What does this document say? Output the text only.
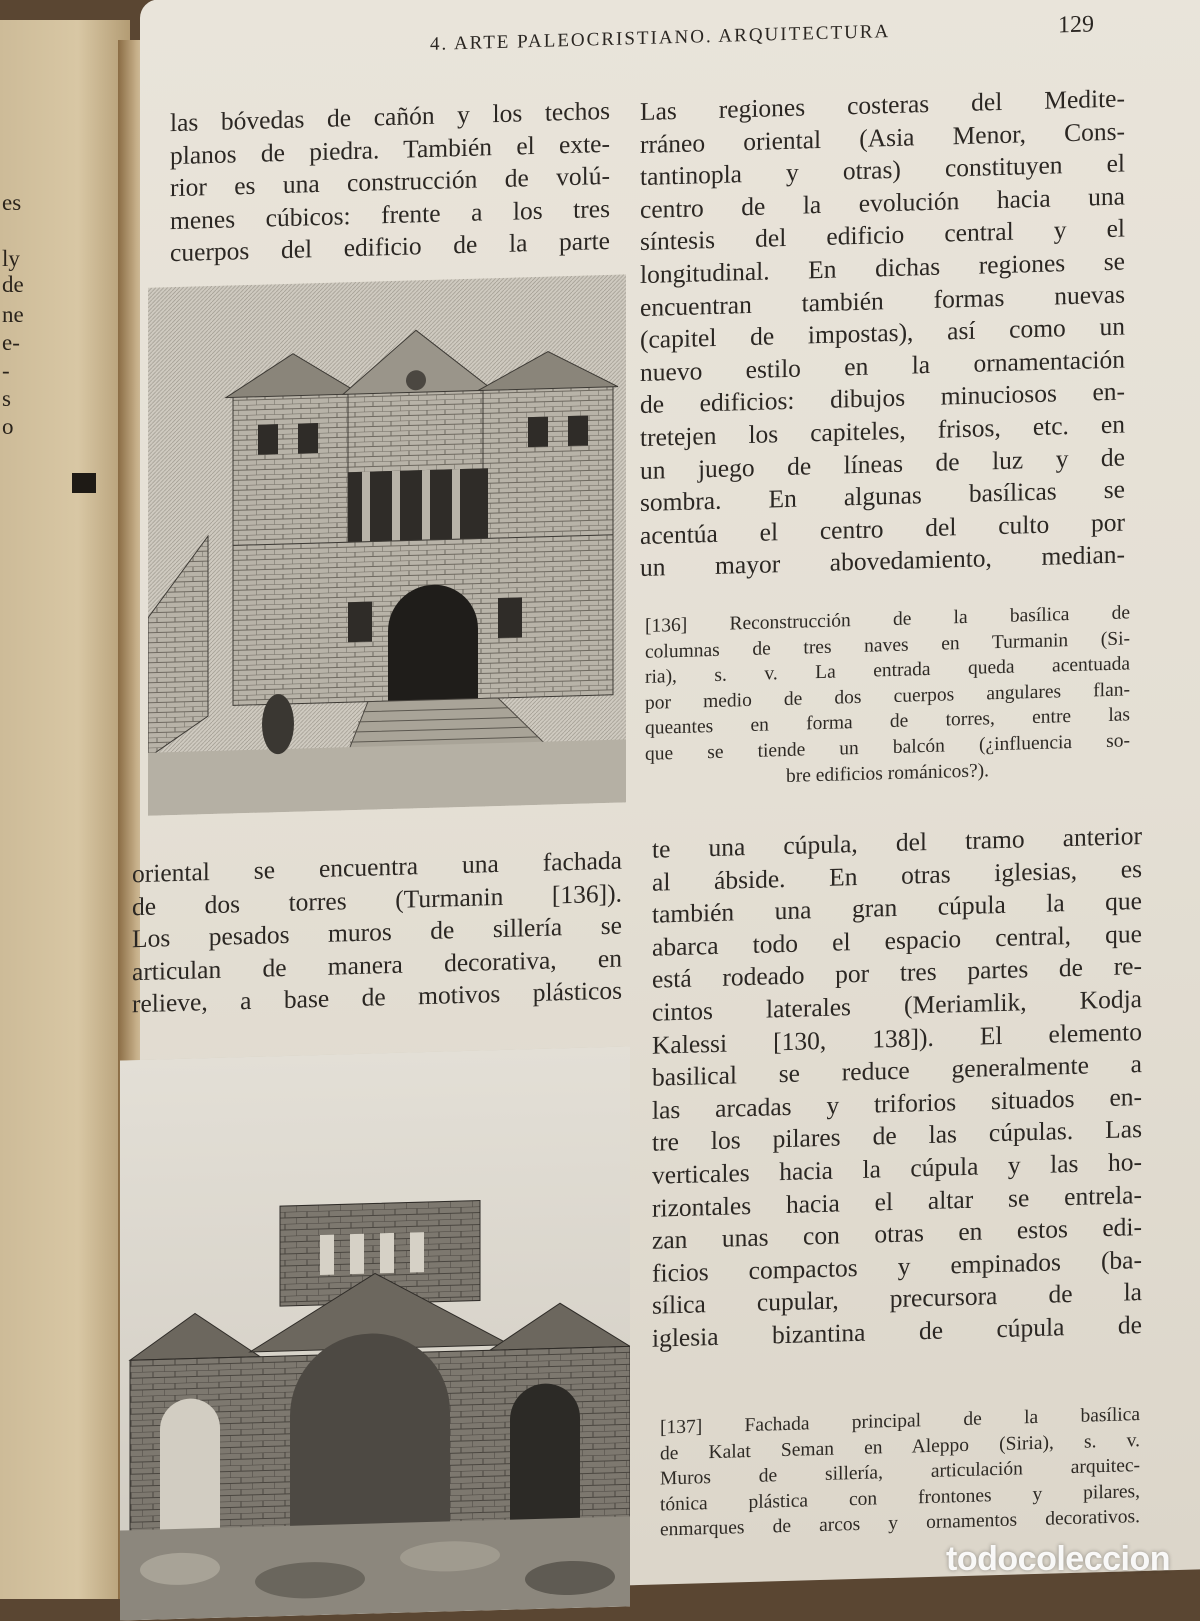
es
ly
de
ne
e-
-
s
o
4. ARTE PALEOCRISTIANO. ARQUITECTURA	129
las bóvedas de cañón y los techos
planos de piedra. También el exte-
rior es una construcción de volú-
menes cúbicos: frente a los tres
cuerpos del edificio de la parte
Las regiones costeras del Medite-
rráneo oriental (Asia Menor, Cons-
tantinopla y otras) constituyen el
centro de la evolución hacia una
síntesis del edificio central y el
longitudinal. En dichas regiones se
encuentran también formas nuevas
(capitel de impostas), así como un
nuevo estilo en la ornamentación
de edificios: dibujos minuciosos en-
tretejen los capiteles, frisos, etc. en
un juego de líneas de luz y de
sombra. En algunas basílicas se
acentúa el centro del culto por
un mayor abovedamiento, median-
[136] Reconstrucción de la basílica de
columnas de tres naves en Turmanin (Si-
ria), s. v. La entrada queda acentuada
por medio de dos cuerpos angulares flan-
queantes en forma de torres, entre las
que se tiende un balcón (¿influencia so-
bre edificios románicos?).
oriental se encuentra una fachada
de dos torres (Turmanin [136]).
Los pesados muros de sillería se
articulan de manera decorativa, en
relieve, a base de motivos plásticos
te una cúpula, del tramo anterior
al ábside. En otras iglesias, es
también una gran cúpula la que
abarca todo el espacio central, que
está rodeado por tres partes de re-
cintos laterales (Meriamlik, Kodja
Kalessi [130, 138]). El elemento
basilical se reduce generalmente a
las arcadas y triforios situados en-
tre los pilares de las cúpulas. Las
verticales hacia la cúpula y las ho-
rizontales hacia el altar se entrela-
zan unas con otras en estos edi-
ficios compactos y empinados (ba-
sílica cupular, precursora de la
iglesia bizantina de cúpula de
[137] Fachada principal de la basílica
de Kalat Seman en Aleppo (Siria), s. v.
Muros de sillería, articulación arquitec-
tónica plástica con frontones y pilares,
enmarques de arcos y ornamentos decorativos.
todocoleccion
